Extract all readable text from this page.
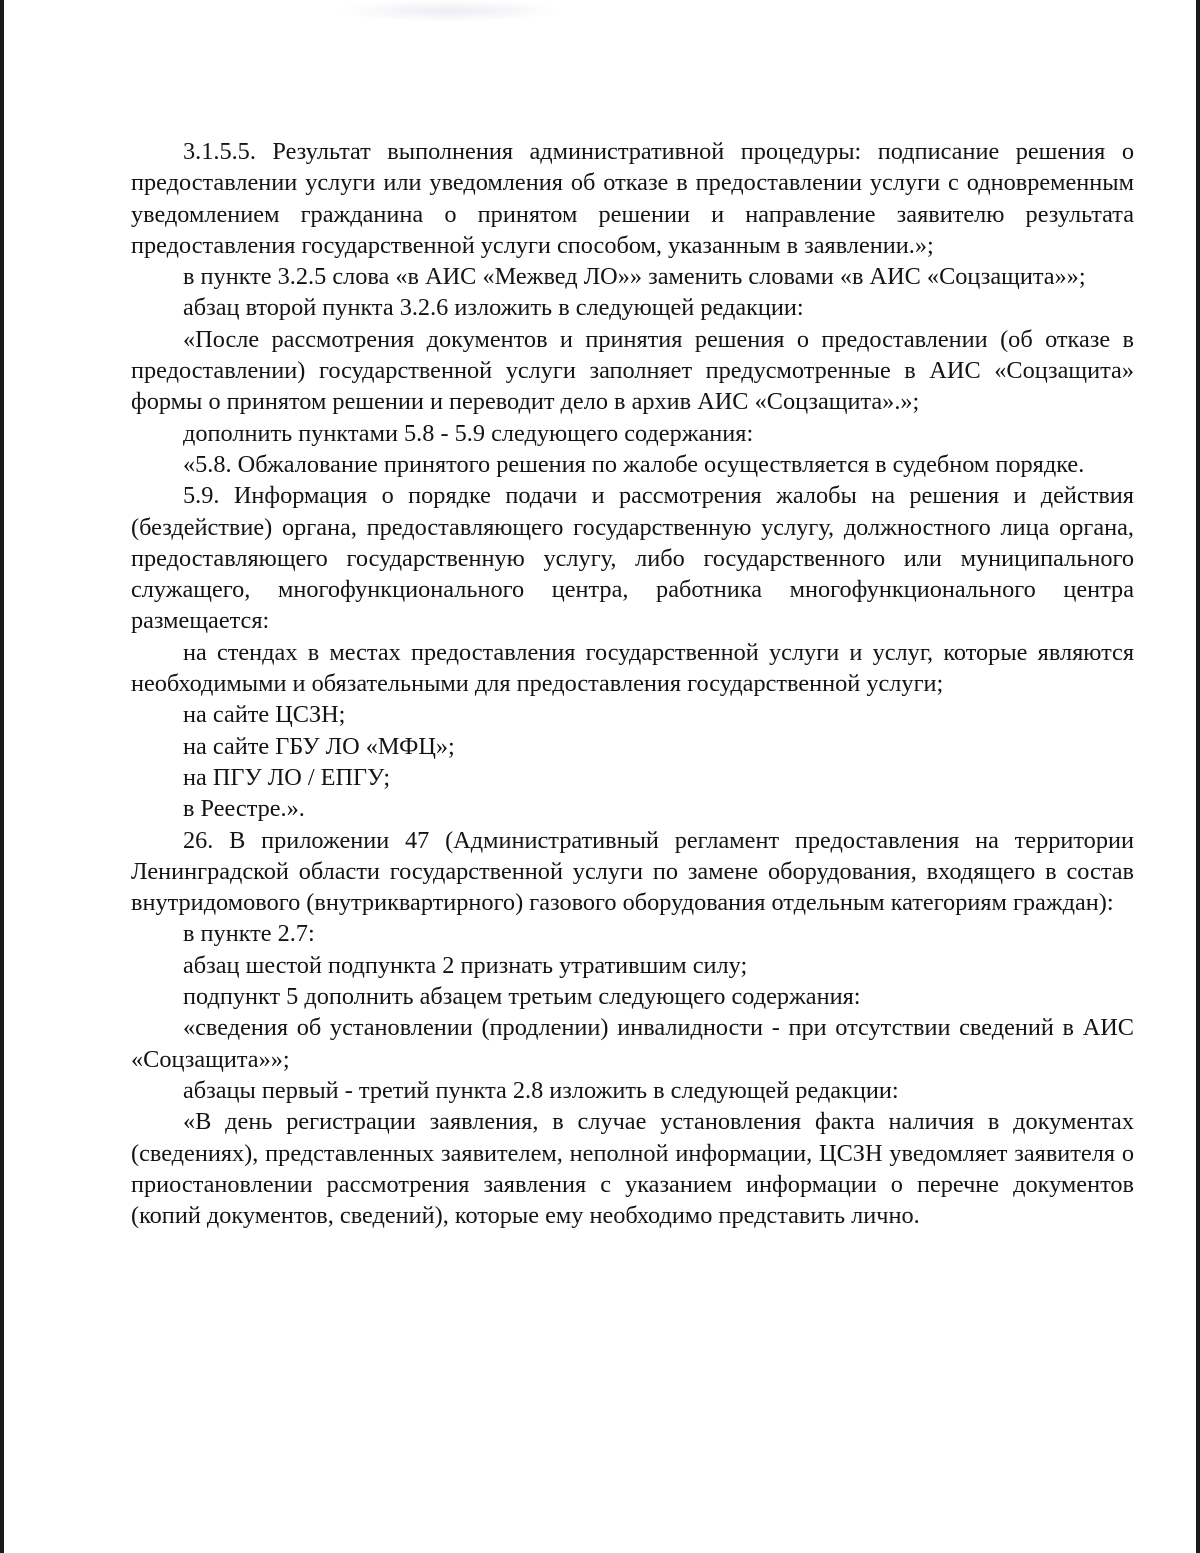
3.1.5.5. Результат выполнения административной процедуры: подписание решения о предоставлении услуги или уведомления об отказе в предоставлении услуги с одновременным уведомлением гражданина о принятом решении и направление заявителю результата предоставления государственной услуги способом, указанным в заявлении.»;

в пункте 3.2.5 слова «в АИС «Межвед ЛО»» заменить словами «в АИС «Соцзащита»»;

абзац второй пункта 3.2.6 изложить в следующей редакции:

«После рассмотрения документов и принятия решения о предоставлении (об отказе в предоставлении) государственной услуги заполняет предусмотренные в АИС «Соцзащита» формы о принятом решении и переводит дело в архив АИС «Соцзащита».»;

дополнить пунктами 5.8 - 5.9 следующего содержания:

«5.8. Обжалование принятого решения по жалобе осуществляется в судебном порядке.

5.9. Информация о порядке подачи и рассмотрения жалобы на решения и действия (бездействие) органа, предоставляющего государственную услугу, должностного лица органа, предоставляющего государственную услугу, либо государственного или муниципального служащего, многофункционального центра, работника многофункционального центра размещается:

на стендах в местах предоставления государственной услуги и услуг, которые являются необходимыми и обязательными для предоставления государственной услуги;

на сайте ЦСЗН;

на сайте ГБУ ЛО «МФЦ»;

на ПГУ ЛО / ЕПГУ;

в Реестре.».

26. В приложении 47 (Административный регламент предоставления на территории Ленинградской области государственной услуги по замене оборудования, входящего в состав внутридомового (внутриквартирного) газового оборудования отдельным категориям граждан):

в пункте 2.7:

абзац шестой подпункта 2 признать утратившим силу;

подпункт 5 дополнить абзацем третьим следующего содержания:

«сведения об установлении (продлении) инвалидности - при отсутствии сведений в АИС «Соцзащита»»;

абзацы первый - третий пункта 2.8 изложить в следующей редакции:

«В день регистрации заявления, в случае установления факта наличия в документах (сведениях), представленных заявителем, неполной информации, ЦСЗН уведомляет заявителя о приостановлении рассмотрения заявления с указанием информации о перечне документов (копий документов, сведений), которые ему необходимо представить лично.
